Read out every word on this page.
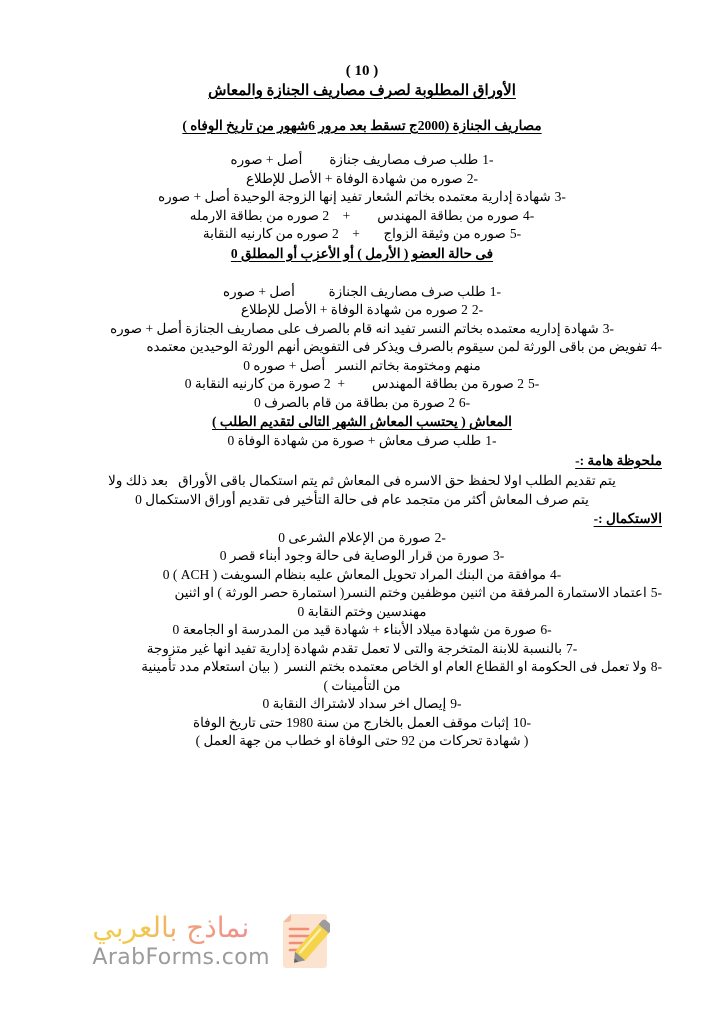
( 10 )
الأوراق المطلوبة لصرف مصاريف الجنازة والمعاش
مصاريف الجنازة (2000ج تسقط بعد مرور 6شهور من تاريخ الوفاه )
1-
طلب صرف مصاريف جنازة        أصل + صوره
2-
صوره من شهادة الوفاة + الأصل للإطلاع
3-
شهادة إدارية معتمده بخاتم الشعار تفيد إنها الزوجة الوحيدة أصل + صوره
4-
صوره من بطاقة المهندس        +    2 صوره من بطاقة الارمله
5-
صوره من وثيقة الزواج       +    2 صوره من كارنيه النقابة
فى حالة العضو ( الأرمل ) أو الأعزب أو المطلق 0
1-
طلب صرف مصاريف الجنازة          أصل + صوره
2-
2 صوره من شهادة الوفاة + الأصل للإطلاع
3-
شهادة إداريه معتمده بخاتم النسر تفيد انه قام بالصرف على مصاريف الجنازة أصل + صوره
4-
تفويض من باقى الورثة لمن سيقوم بالصرف ويذكر فى التفويض أنهم الورثة الوحيدين معتمده
منهم ومختومة بخاتم النسر   أصل + صوره 0
5-
2 صورة من بطاقة المهندس        +  2 صورة من كارنيه النقابة 0
6-
2 صورة من بطاقة من قام بالصرف 0
المعاش ( يحتسب المعاش الشهر التالى لتقديم الطلب )
1-
طلب صرف معاش + صورة من شهادة الوفاة 0
ملحوظة هامة :-
يتم تقديم الطلب اولا لحفظ حق الاسره فى المعاش ثم يتم استكمال باقى الأوراق   بعد ذلك ولا
يتم صرف المعاش أكثر من متجمد عام فى حالة التأخير فى تقديم أوراق الاستكمال 0
الاستكمال :-
2-
صورة من الإعلام الشرعى 0
3-
صورة من قرار الوصاية فى حالة وجود أبناء قصر 0
4-
موافقة من البنك المراد تحويل المعاش عليه بنظام السويفت ( ACH ) 0
5-
اعتماد الاستمارة المرفقة من اثنين موظفين وختم النسر( استمارة حصر الورثة ) او اثنين
مهندسين وختم النقابة 0
6-
صورة من شهادة ميلاد الأبناء + شهادة قيد من المدرسة او الجامعة 0
7-
بالنسبة للابنة المتخرجة والتى لا تعمل تقدم شهادة إدارية تفيد انها غير متزوجة
8-
ولا تعمل فى الحكومة او القطاع العام او الخاص معتمده بختم النسر  ( بيان استعلام مدد تأمينية
من التأمينات )
9-
إيصال اخر سداد لاشتراك النقابة 0
10-
إثبات موقف العمل بالخارج من سنة 1980 حتى تاريخ الوفاة
( شهادة تحركات من 92 حتى الوفاة او خطاب من جهة العمل )
نماذج بالعربي
ArabForms.com
